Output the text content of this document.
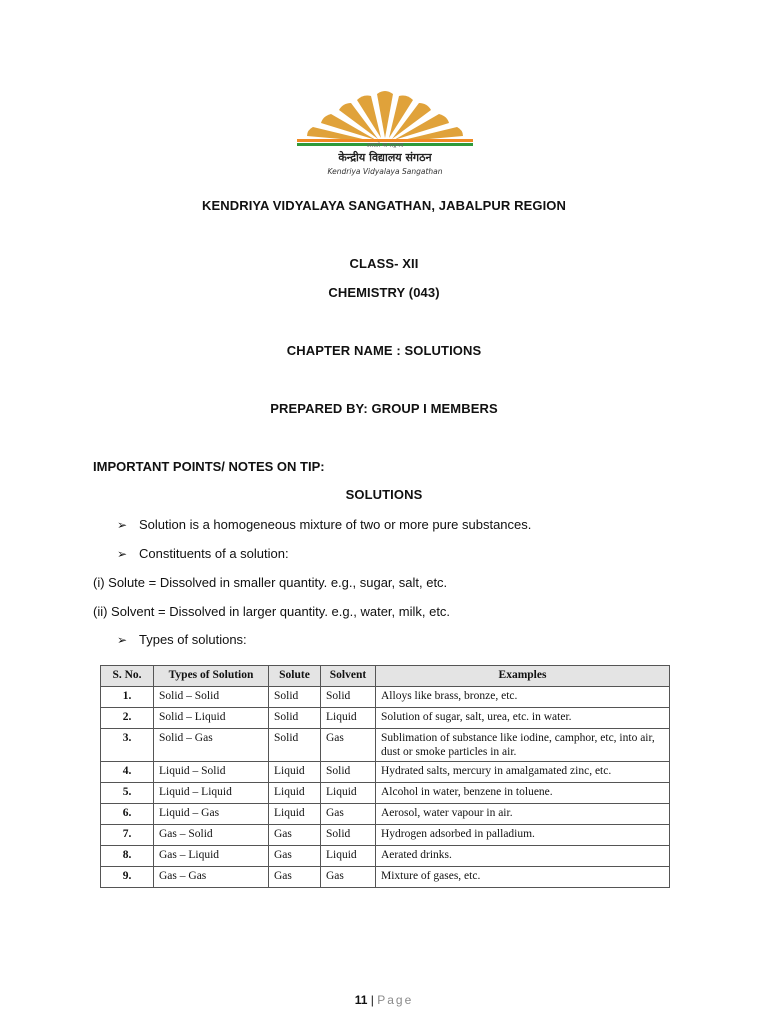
असतो मा सद्गमय
केन्द्रीय विद्यालय संगठन
Kendriya Vidyalaya Sangathan
KENDRIYA VIDYALAYA SANGATHAN, JABALPUR REGION
CLASS- XII
CHEMISTRY (043)
CHAPTER NAME : SOLUTIONS
PREPARED BY: GROUP I MEMBERS
IMPORTANT POINTS/ NOTES ON TIP:
SOLUTIONS
➢ Solution is a homogeneous mixture of two or more pure substances.
➢ Constituents of a solution:
(i) Solute = Dissolved in smaller quantity. e.g., sugar, salt, etc.
(ii) Solvent = Dissolved in larger quantity. e.g., water, milk, etc.
➢ Types of solutions:
S. No.	Types of Solution	Solute	Solvent	Examples
1.	Solid – Solid	Solid	Solid	Alloys like brass, bronze, etc.
2.	Solid – Liquid	Solid	Liquid	Solution of sugar, salt, urea, etc. in water.
3.	Solid – Gas	Solid	Gas	Sublimation of substance like iodine, camphor, etc, into air, dust or smoke particles in air.
4.	Liquid – Solid	Liquid	Solid	Hydrated salts, mercury in amalgamated zinc, etc.
5.	Liquid – Liquid	Liquid	Liquid	Alcohol in water, benzene in toluene.
6.	Liquid – Gas	Liquid	Gas	Aerosol, water vapour in air.
7.	Gas – Solid	Gas	Solid	Hydrogen adsorbed in palladium.
8.	Gas – Liquid	Gas	Liquid	Aerated drinks.
9.	Gas – Gas	Gas	Gas	Mixture of gases, etc.
11 | Page
